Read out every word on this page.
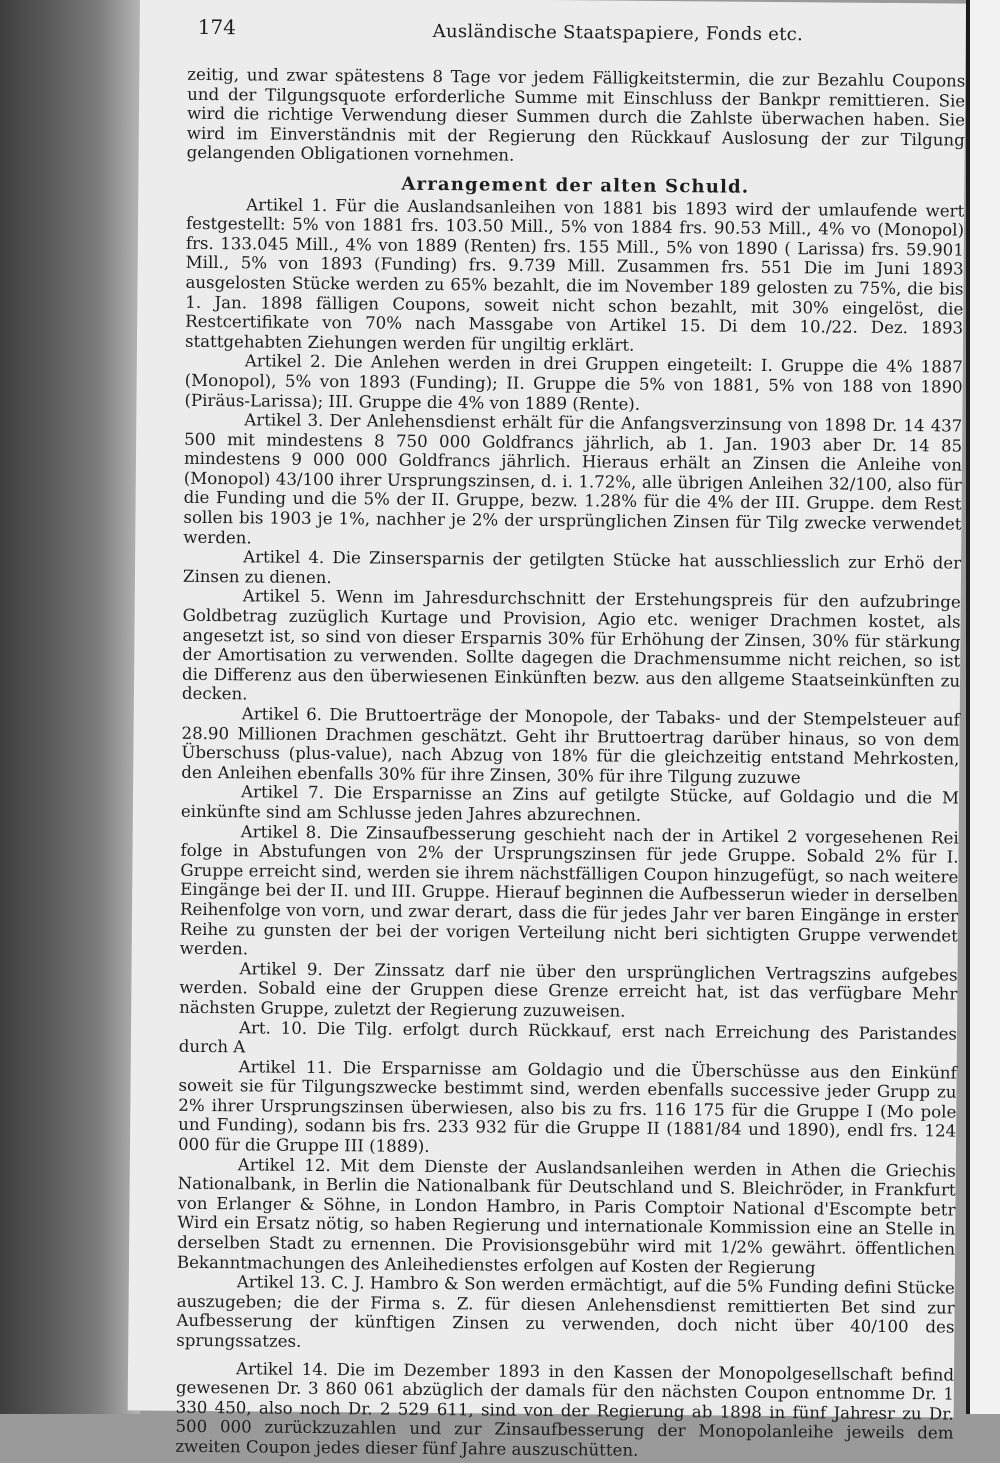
174	Ausländische Staatspapiere, Fonds etc.

zeitig, und zwar spätestens 8 Tage vor jedem Fälligkeitstermin, die zur Bezahlu Coupons und der Tilgungsquote erforderliche Summe mit Einschluss der Bankpr remittieren. Sie wird die richtige Verwendung dieser Summen durch die Zahlste überwachen haben. Sie wird im Einverständnis mit der Regierung den Rückkauf Auslosung der zur Tilgung gelangenden Obligationen vornehmen.

Arrangement der alten Schuld.

Artikel 1. Für die Auslandsanleihen von 1881 bis 1893 wird der umlaufende wert festgestellt: 5% von 1881 frs. 103.50 Mill., 5% von 1884 frs. 90.53 Mill., 4% vo (Monopol) frs. 133.045 Mill., 4% von 1889 (Renten) frs. 155 Mill., 5% von 1890 ( Larissa) frs. 59.901 Mill., 5% von 1893 (Funding) frs. 9.739 Mill. Zusammen frs. 551 Die im Juni 1893 ausgelosten Stücke werden zu 65% bezahlt, die im November 189 gelosten zu 75%, die bis 1. Jan. 1898 fälligen Coupons, soweit nicht schon bezahlt, mit 30% eingelöst, die Restcertifikate von 70% nach Massgabe von Artikel 15. Di dem 10./22. Dez. 1893 stattgehabten Ziehungen werden für ungiltig erklärt.

Artikel 2. Die Anlehen werden in drei Gruppen eingeteilt: I. Gruppe die 4% 1887 (Monopol), 5% von 1893 (Funding); II. Gruppe die 5% von 1881, 5% von 188 von 1890 (Piräus-Larissa); III. Gruppe die 4% von 1889 (Rente).

Artikel 3. Der Anlehensdienst erhält für die Anfangsverzinsung von 1898 Dr. 14 437 500 mit mindestens 8 750 000 Goldfrancs jährlich, ab 1. Jan. 1903 aber Dr. 14 85 mindestens 9 000 000 Goldfrancs jährlich. Hieraus erhält an Zinsen die Anleihe von (Monopol) 43/100 ihrer Ursprungszinsen, d. i. 1.72%, alle übrigen Anleihen 32/100, also für die Funding und die 5% der II. Gruppe, bezw. 1.28% für die 4% der III. Gruppe. dem Rest sollen bis 1903 je 1%, nachher je 2% der ursprünglichen Zinsen für Tilg zwecke verwendet werden.

Artikel 4. Die Zinsersparnis der getilgten Stücke hat ausschliesslich zur Erhö der Zinsen zu dienen.

Artikel 5. Wenn im Jahresdurchschnitt der Erstehungspreis für den aufzubringe Goldbetrag zuzüglich Kurtage und Provision, Agio etc. weniger Drachmen kostet, als angesetzt ist, so sind von dieser Ersparnis 30% für Erhöhung der Zinsen, 30% für stärkung der Amortisation zu verwenden. Sollte dagegen die Drachmensumme nicht reichen, so ist die Differenz aus den überwiesenen Einkünften bezw. aus den allgeme Staatseinkünften zu decken.

Artikel 6. Die Bruttoerträge der Monopole, der Tabaks- und der Stempelsteuer auf 28.90 Millionen Drachmen geschätzt. Geht ihr Bruttoertrag darüber hinaus, so von dem Überschuss (plus-value), nach Abzug von 18% für die gleichzeitig entstand Mehrkosten, den Anleihen ebenfalls 30% für ihre Zinsen, 30% für ihre Tilgung zuzuwe

Artikel 7. Die Ersparnisse an Zins auf getilgte Stücke, auf Goldagio und die M einkünfte sind am Schlusse jeden Jahres abzurechnen.

Artikel 8. Die Zinsaufbesserung geschieht nach der in Artikel 2 vorgesehenen Rei folge in Abstufungen von 2% der Ursprungszinsen für jede Gruppe. Sobald 2% für I. Gruppe erreicht sind, werden sie ihrem nächstfälligen Coupon hinzugefügt, so nach weitere Eingänge bei der II. und III. Gruppe. Hierauf beginnen die Aufbesserun wieder in derselben Reihenfolge von vorn, und zwar derart, dass die für jedes Jahr ver baren Eingänge in erster Reihe zu gunsten der bei der vorigen Verteilung nicht beri sichtigten Gruppe verwendet werden.

Artikel 9. Der Zinssatz darf nie über den ursprünglichen Vertragszins aufgebes werden. Sobald eine der Gruppen diese Grenze erreicht hat, ist das verfügbare Mehr nächsten Gruppe, zuletzt der Regierung zuzuweisen.

Art. 10. Die Tilg. erfolgt durch Rückkauf, erst nach Erreichung des Paristandes durch A

Artikel 11. Die Ersparnisse am Goldagio und die Überschüsse aus den Einkünf soweit sie für Tilgungszwecke bestimmt sind, werden ebenfalls successive jeder Grupp zu 2% ihrer Ursprungszinsen überwiesen, also bis zu frs. 116 175 für die Gruppe I (Mo pole und Funding), sodann bis frs. 233 932 für die Gruppe II (1881/84 und 1890), endl frs. 124 000 für die Gruppe III (1889).

Artikel 12. Mit dem Dienste der Auslandsanleihen werden in Athen die Griechis Nationalbank, in Berlin die Nationalbank für Deutschland und S. Bleichröder, in Frankfurt von Erlanger & Söhne, in London Hambro, in Paris Comptoir National d'Escompte betr Wird ein Ersatz nötig, so haben Regierung und internationale Kommission eine an Stelle in derselben Stadt zu ernennen. Die Provisionsgebühr wird mit 1/2% gewährt. öffentlichen Bekanntmachungen des Anleihedienstes erfolgen auf Kosten der Regierung

Artikel 13. C. J. Hambro & Son werden ermächtigt, auf die 5% Funding defini Stücke auszugeben; die der Firma s. Z. für diesen Anlehensdienst remittierten Bet sind zur Aufbesserung der künftigen Zinsen zu verwenden, doch nicht über 40/100 des sprungssatzes.

Artikel 14. Die im Dezember 1893 in den Kassen der Monopolgesellschaft befind gewesenen Dr. 3 860 061 abzüglich der damals für den nächsten Coupon entnomme Dr. 1 330 450, also noch Dr. 2 529 611, sind von der Regierung ab 1898 in fünf Jahresr zu Dr. 500 000 zurückzuzahlen und zur Zinsaufbesserung der Monopolanleihe jeweils dem zweiten Coupon jedes dieser fünf Jahre auszuschütten.
